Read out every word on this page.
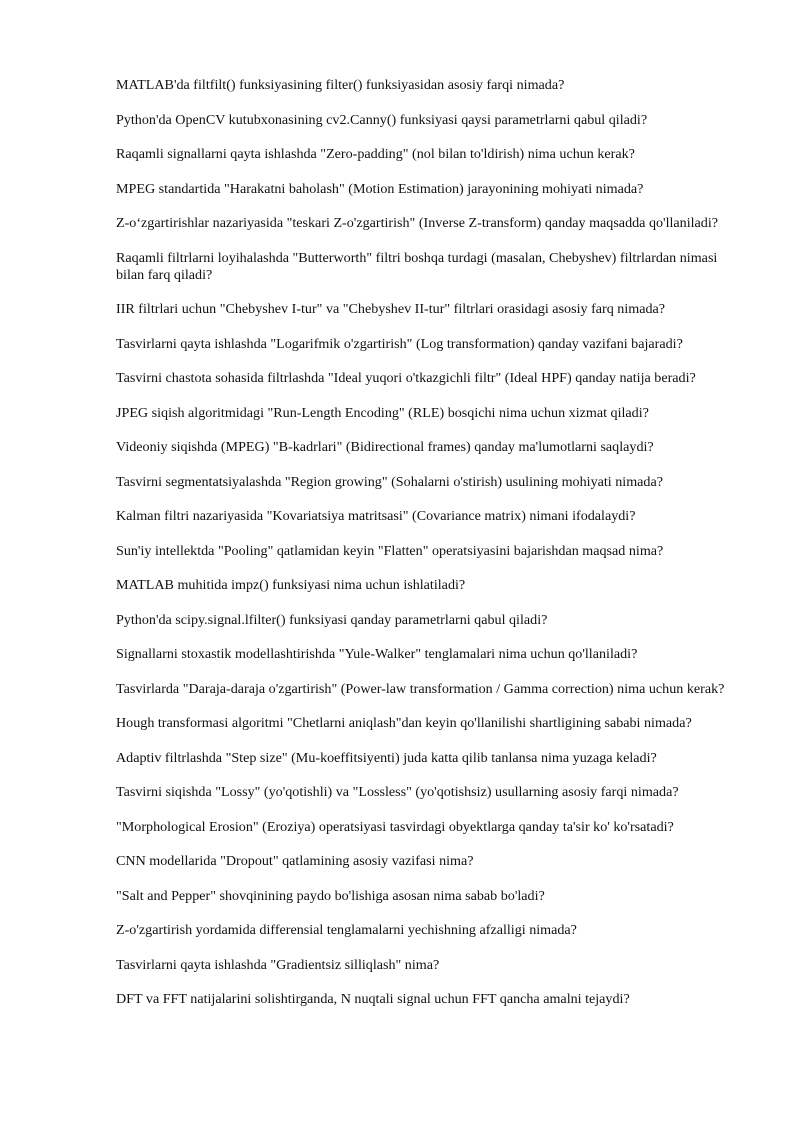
MATLAB'da filtfilt() funksiyasining filter() funksiyasidan asosiy farqi nimada?

Python'da OpenCV kutubxonasining cv2.Canny() funksiyasi qaysi parametrlarni qabul qiladi?

Raqamli signallarni qayta ishlashda "Zero-padding" (nol bilan to'ldirish) nima uchun kerak?

MPEG standartida "Harakatni baholash" (Motion Estimation) jarayonining mohiyati nimada?

Z-o‘zgartirishlar nazariyasida "teskari Z-o'zgartirish" (Inverse Z-transform) qanday maqsadda qo'llaniladi?

Raqamli filtrlarni loyihalashda "Butterworth" filtri boshqa turdagi (masalan, Chebyshev) filtrlardan nimasi bilan farq qiladi?

IIR filtrlari uchun "Chebyshev I-tur" va "Chebyshev II-tur" filtrlari orasidagi asosiy farq nimada?

Tasvirlarni qayta ishlashda "Logarifmik o'zgartirish" (Log transformation) qanday vazifani bajaradi?

Tasvirni chastota sohasida filtrlashda "Ideal yuqori o'tkazgichli filtr" (Ideal HPF) qanday natija beradi?

JPEG siqish algoritmidagi "Run-Length Encoding" (RLE) bosqichi nima uchun xizmat qiladi?

Videoniy siqishda (MPEG) "B-kadrlari" (Bidirectional frames) qanday ma'lumotlarni saqlaydi?

Tasvirni segmentatsiyalashda "Region growing" (Sohalarni o'stirish) usulining mohiyati nimada?

Kalman filtri nazariyasida "Kovariatsiya matritsasi" (Covariance matrix) nimani ifodalaydi?

Sun'iy intellektda "Pooling" qatlamidan keyin "Flatten" operatsiyasini bajarishdan maqsad nima?

MATLAB muhitida impz() funksiyasi nima uchun ishlatiladi?

Python'da scipy.signal.lfilter() funksiyasi qanday parametrlarni qabul qiladi?

Signallarni stoxastik modellashtirishda "Yule-Walker" tenglamalari nima uchun qo'llaniladi?

Tasvirlarda "Daraja-daraja o'zgartirish" (Power-law transformation / Gamma correction) nima uchun kerak?

Hough transformasi algoritmi "Chetlarni aniqlash"dan keyin qo'llanilishi shartligining sababi nimada?

Adaptiv filtrlashda "Step size" (Mu-koeffitsiyenti) juda katta qilib tanlansa nima yuzaga keladi?

Tasvirni siqishda "Lossy" (yo'qotishli) va "Lossless" (yo'qotishsiz) usullarning asosiy farqi nimada?

"Morphological Erosion" (Eroziya) operatsiyasi tasvirdagi obyektlarga qanday ta'sir ko' ko'rsatadi?

CNN modellarida "Dropout" qatlamining asosiy vazifasi nima?

"Salt and Pepper" shovqinining paydo bo'lishiga asosan nima sabab bo'ladi?

Z-o'zgartirish yordamida differensial tenglamalarni yechishning afzalligi nimada?

Tasvirlarni qayta ishlashda "Gradientsiz silliqlash" nima?

DFT va FFT natijalarini solishtirganda, N nuqtali signal uchun FFT qancha amalni tejaydi?
